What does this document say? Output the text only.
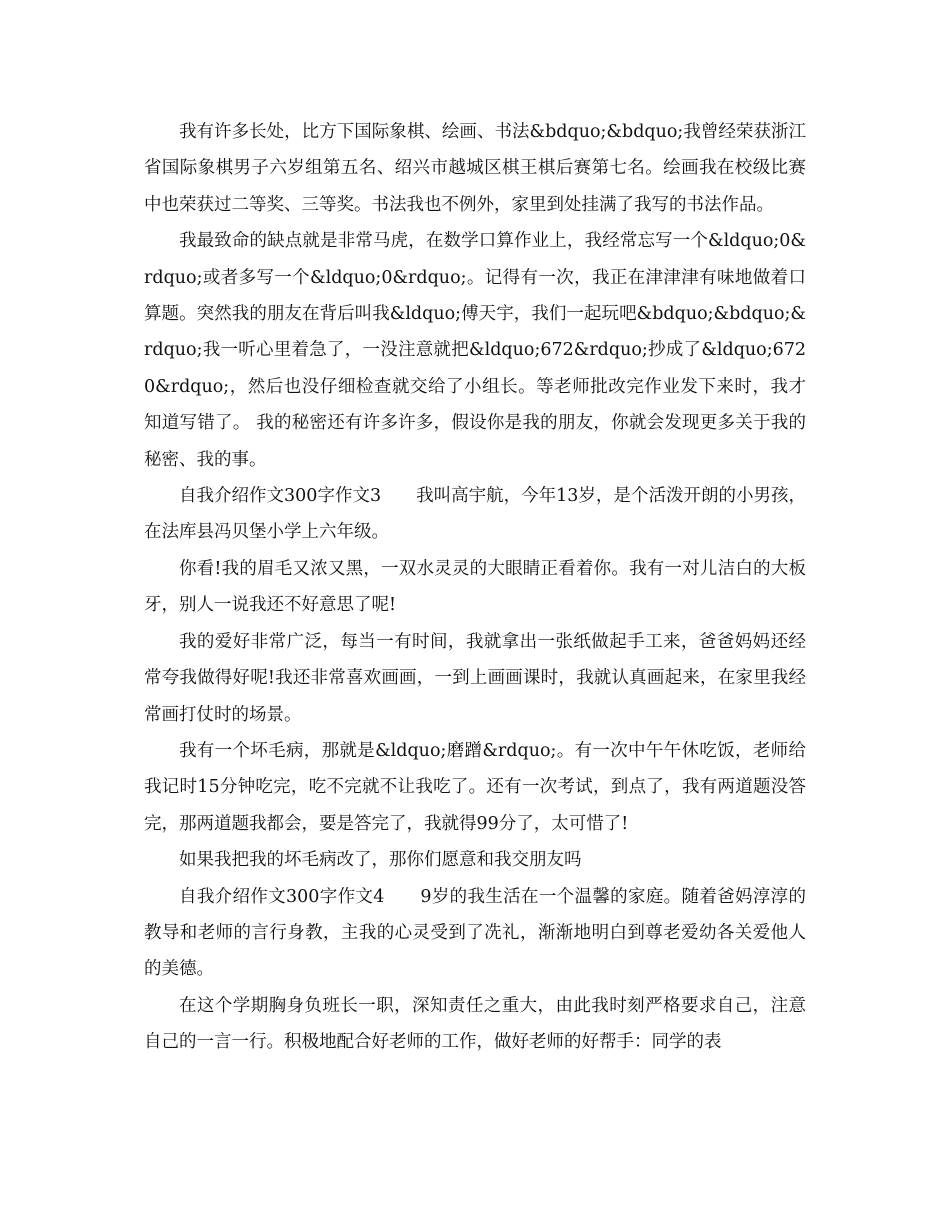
我有许多长处，比方下国际象棋、绘画、书法&bdquo;&bdquo;我曾经荣获浙江省国际象棋男子六岁组第五名、绍兴市越城区棋王棋后赛第七名。绘画我在校级比赛中也荣获过二等奖、三等奖。书法我也不例外，家里到处挂满了我写的书法作品。

我最致命的缺点就是非常马虎，在数学口算作业上，我经常忘写一个&ldquo;0&rdquo;或者多写一个&ldquo;0&rdquo;。记得有一次，我正在津津津有味地做着口算题。突然我的朋友在背后叫我&ldquo;傅天宇，我们一起玩吧&bdquo;&bdquo;&rdquo;我一听心里着急了，一没注意就把&ldquo;672&rdquo;抄成了&ldquo;6720&rdquo;，然后也没仔细检查就交给了小组长。等老师批改完作业发下来时，我才知道写错了。 我的秘密还有许多许多，假设你是我的朋友，你就会发现更多关于我的秘密、我的事。

自我介绍作文300字作文3　　我叫高宇航，今年13岁，是个活泼开朗的小男孩，在法库县冯贝堡小学上六年级。

你看!我的眉毛又浓又黑，一双水灵灵的大眼睛正看着你。我有一对儿洁白的大板牙，别人一说我还不好意思了呢!

我的爱好非常广泛，每当一有时间，我就拿出一张纸做起手工来，爸爸妈妈还经常夸我做得好呢!我还非常喜欢画画，一到上画画课时，我就认真画起来，在家里我经常画打仗时的场景。

我有一个坏毛病，那就是&ldquo;磨蹭&rdquo;。有一次中午午休吃饭，老师给我记时15分钟吃完，吃不完就不让我吃了。还有一次考试，到点了，我有两道题没答完，那两道题我都会，要是答完了，我就得99分了，太可惜了!

如果我把我的坏毛病改了，那你们愿意和我交朋友吗

自我介绍作文300字作文4　　9岁的我生活在一个温馨的家庭。随着爸妈淳淳的教导和老师的言行身教，主我的心灵受到了冼礼，渐渐地明白到尊老爱幼各关爱他人的美德。

在这个学期胸身负班长一职，深知责任之重大，由此我时刻严格要求自己，注意自己的一言一行。积极地配合好老师的工作，做好老师的好帮手：同学的表
